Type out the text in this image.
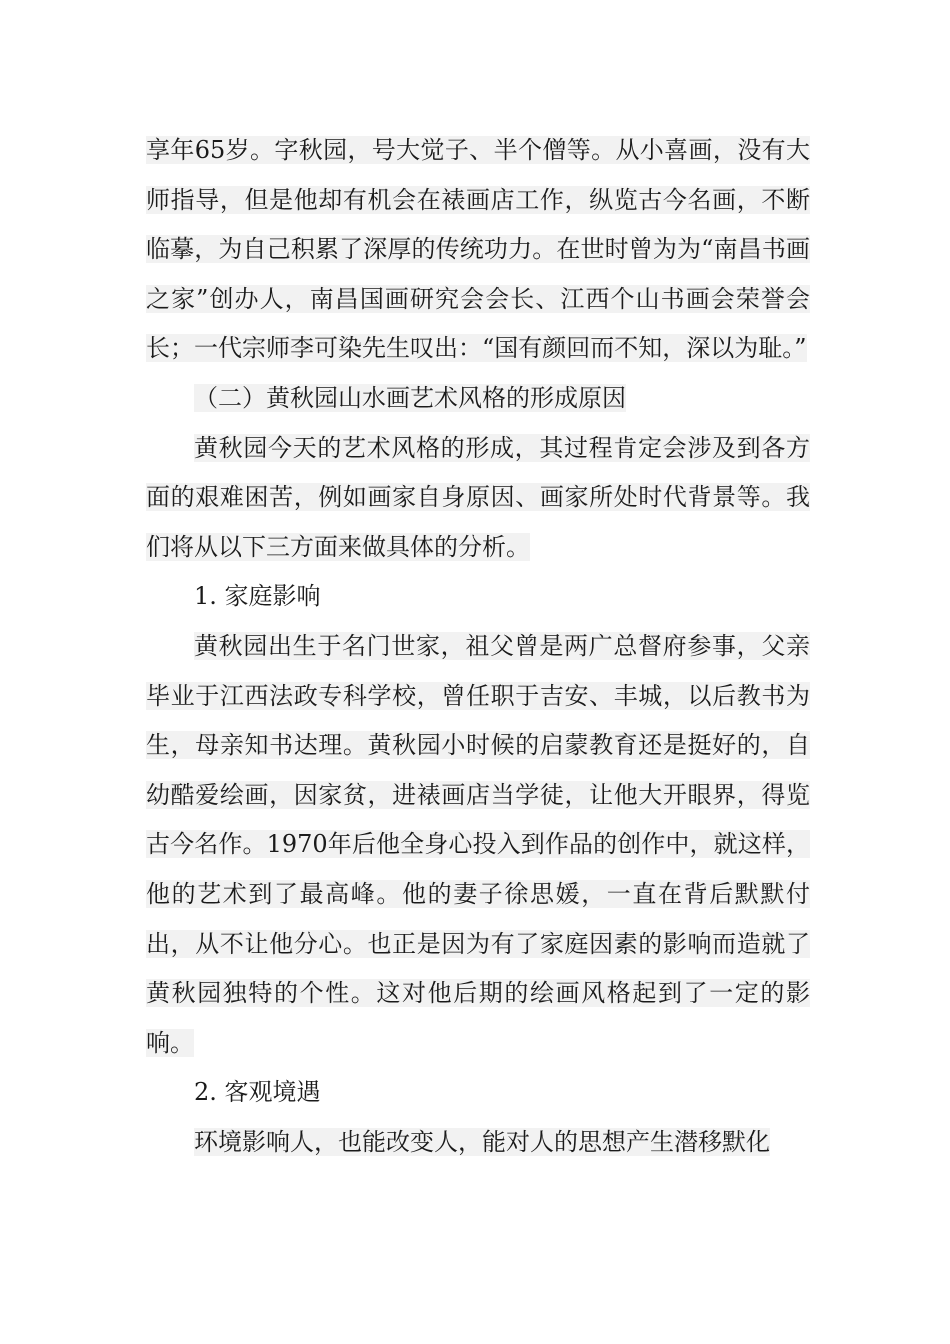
享年65岁。字秋园，号大觉子、半个僧等。从小喜画，没有大师指导，但是他却有机会在裱画店工作，纵览古今名画，不断临摹，为自己积累了深厚的传统功力。在世时曾为为“南昌书画之家”创办人，南昌国画研究会会长、江西个山书画会荣誉会长；一代宗师李可染先生叹出：“国有颜回而不知，深以为耻。”

（二）黄秋园山水画艺术风格的形成原因

黄秋园今天的艺术风格的形成，其过程肯定会涉及到各方面的艰难困苦，例如画家自身原因、画家所处时代背景等。我们将从以下三方面来做具体的分析。

1. 家庭影响

黄秋园出生于名门世家，祖父曾是两广总督府参事，父亲毕业于江西法政专科学校，曾任职于吉安、丰城，以后教书为生，母亲知书达理。黄秋园小时候的启蒙教育还是挺好的，自幼酷爱绘画，因家贫，进裱画店当学徒，让他大开眼界，得览古今名作。1970年后他全身心投入到作品的创作中，就这样，他的艺术到了最高峰。他的妻子徐思媛，一直在背后默默付出，从不让他分心。也正是因为有了家庭因素的影响而造就了黄秋园独特的个性。这对他后期的绘画风格起到了一定的影响。

2. 客观境遇

环境影响人，也能改变人，能对人的思想产生潜移默化
